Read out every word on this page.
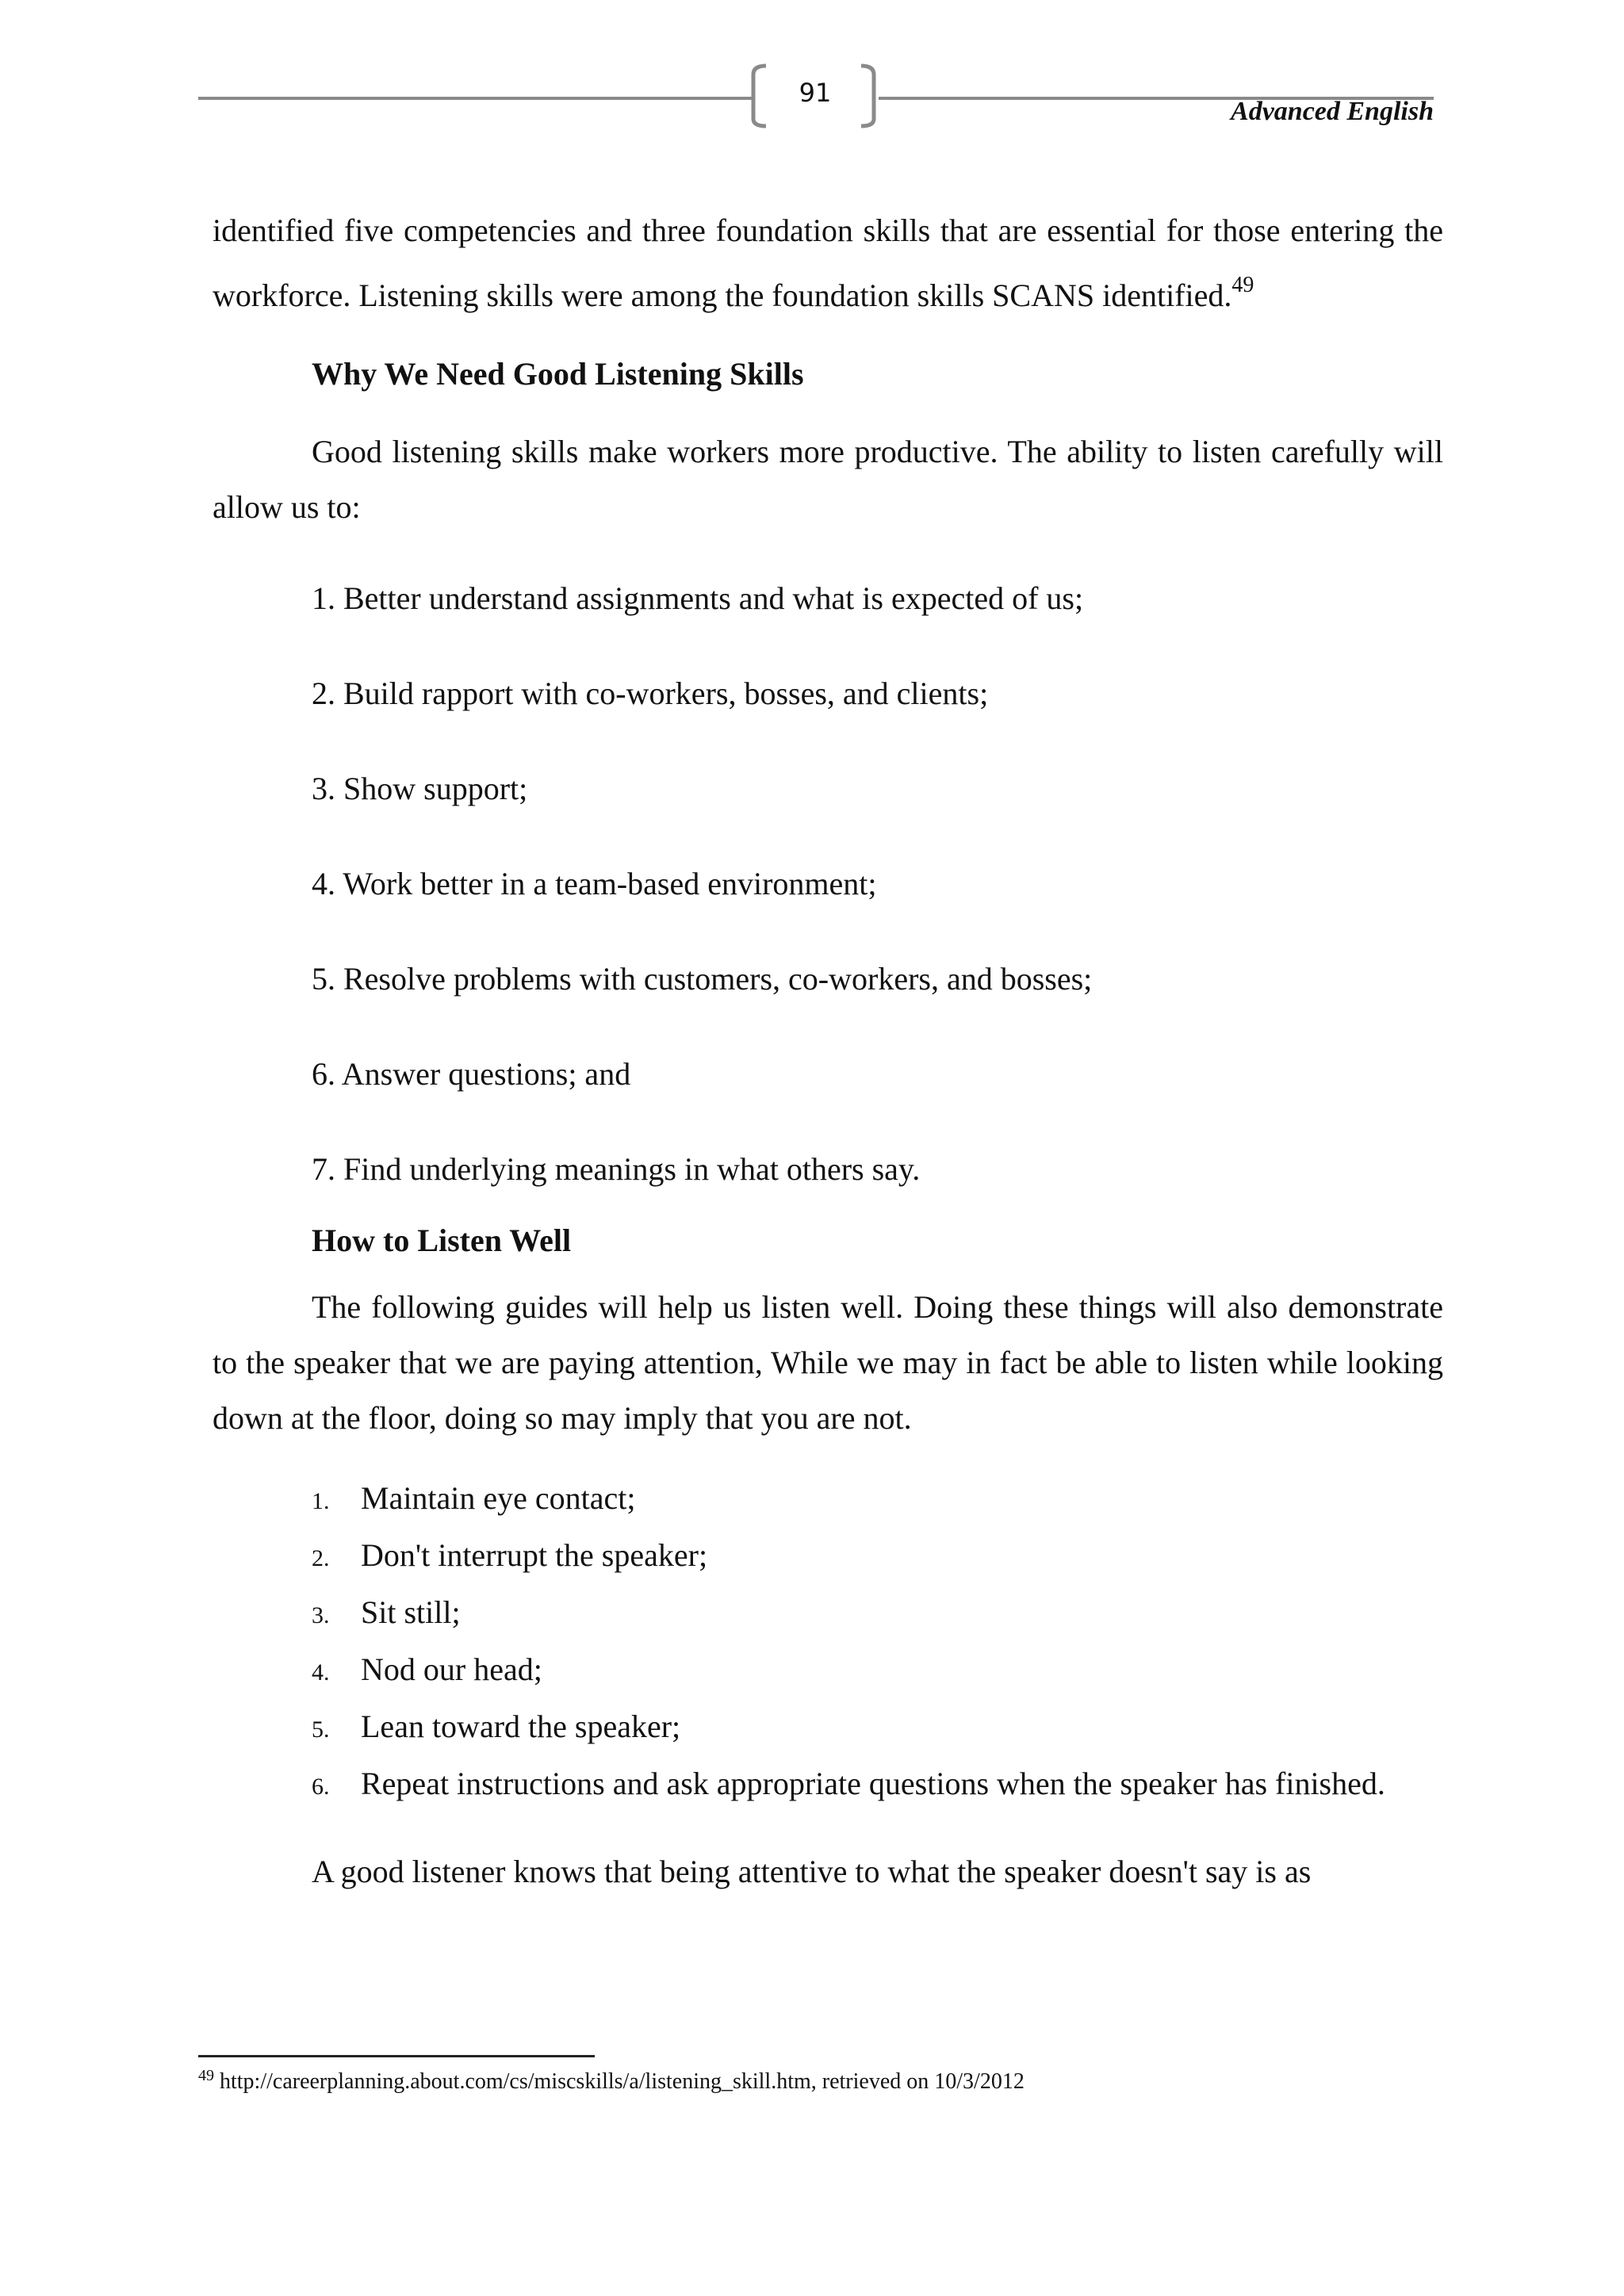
91
Advanced English

identified five competencies and three foundation skills that are essential for those entering the workforce. Listening skills were among the foundation skills SCANS identified.$^{49}$

Why We Need Good Listening Skills

Good listening skills make workers more productive. The ability to listen carefully will allow us to:

1. Better understand assignments and what is expected of us;

2. Build rapport with co-workers, bosses, and clients;

3. Show support;

4. Work better in a team-based environment;

5. Resolve problems with customers, co-workers, and bosses;

6. Answer questions; and

7. Find underlying meanings in what others say.

How to Listen Well

The following guides will help us listen well. Doing these things will also demonstrate to the speaker that we are paying attention, While we may in fact be able to listen while looking down at the floor, doing so may imply that you are not.

1. Maintain eye contact;
2. Don't interrupt the speaker;
3. Sit still;
4. Nod our head;
5. Lean toward the speaker;
6. Repeat instructions and ask appropriate questions when the speaker has finished.

A good listener knows that being attentive to what the speaker doesn't say is as

$^{49}$ http://careerplanning.about.com/cs/miscskills/a/listening_skill.htm, retrieved on 10/3/2012
